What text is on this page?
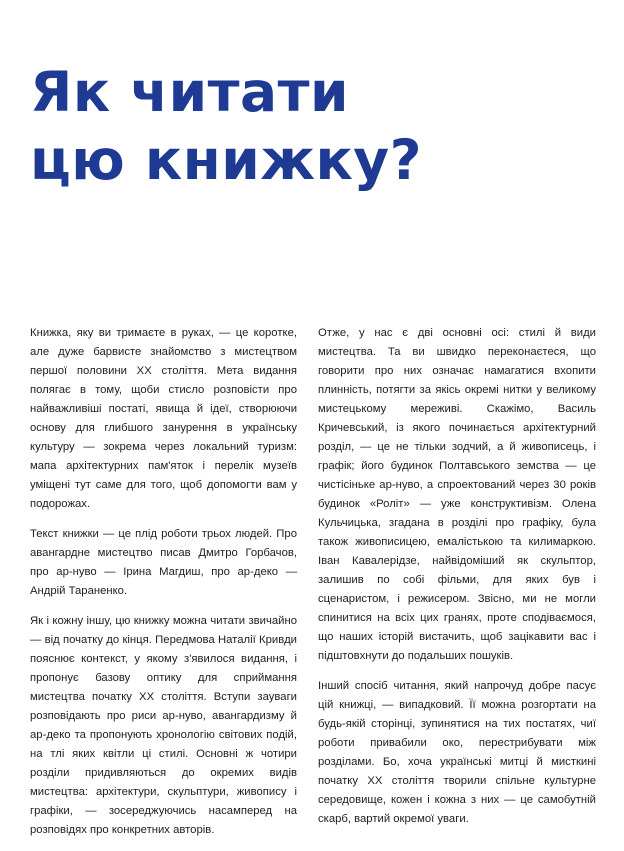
Як читати
цю книжку?

Книжка, яку ви тримаєте в руках, — це коротке, але дуже барвисте знайомство з мистецтвом першої половини ХХ століття. Мета видання полягає в тому, щоби стисло розповісти про найважливіші постаті, явища й ідеї, створюючи основу для глибшого занурення в українську культуру — зокрема через локальний туризм: мапа архітектурних пам'яток і перелік музеїв уміщені тут саме для того, щоб допомогти вам у подорожах.

Текст книжки — це плід роботи трьох людей. Про авангардне мистецтво писав Дмитро Горбачов, про ар-нуво — Ірина Магдиш, про ар-деко — Андрій Тараненко.

Як і кожну іншу, цю книжку можна читати звичайно — від початку до кінця. Передмова Наталії Кривди пояснює контекст, у якому з'явилося видання, і пропонує базову оптику для сприймання мистецтва початку ХХ століття. Вступи зауваги розповідають про риси ар-нуво, авангардизму й ар-деко та пропонують хронологію світових подій, на тлі яких квітли ці стилі. Основні ж чотири розділи придивляються до окремих видів мистецтва: архітектури, скульптури, живопису і графіки, — зосереджуючись насамперед на розповідях про конкретних авторів.

Отже, у нас є дві основні осі: стилі й види мистецтва. Та ви швидко переконаєтеся, що говорити про них означає намагатися вхопити плинність, потягти за якісь окремі нитки у великому мистецькому мереживі. Скажімо, Василь Кричевський, із якого починається архітектурний розділ, — це не тільки зодчий, а й живописець, і графік; його будинок Полтавського земства — це чистісіньке ар-нуво, а спроектований через 30 років будинок «Роліт» — уже конструктивізм. Олена Кульчицька, згадана в розділі про графіку, була також живописицею, емалістькою та килимаркою. Іван Кавалерідзе, найвідоміший як скульптор, залишив по собі фільми, для яких був і сценаристом, і режисером. Звісно, ми не могли спинитися на всіх цих гранях, проте сподіваємося, що наших історій вистачить, щоб зацікавити вас і підштовхнути до подальших пошуків.

Інший спосіб читання, який напрочуд добре пасує цій книжці, — випадковий. Її можна розгортати на будь-якій сторінці, зупинятися на тих постатях, чиї роботи привабили око, перестрибувати між розділами. Бо, хоча українські митці й мисткині початку ХХ століття творили спільне культурне середовище, кожен і кожна з них — це самобутній скарб, вартий окремої уваги.
